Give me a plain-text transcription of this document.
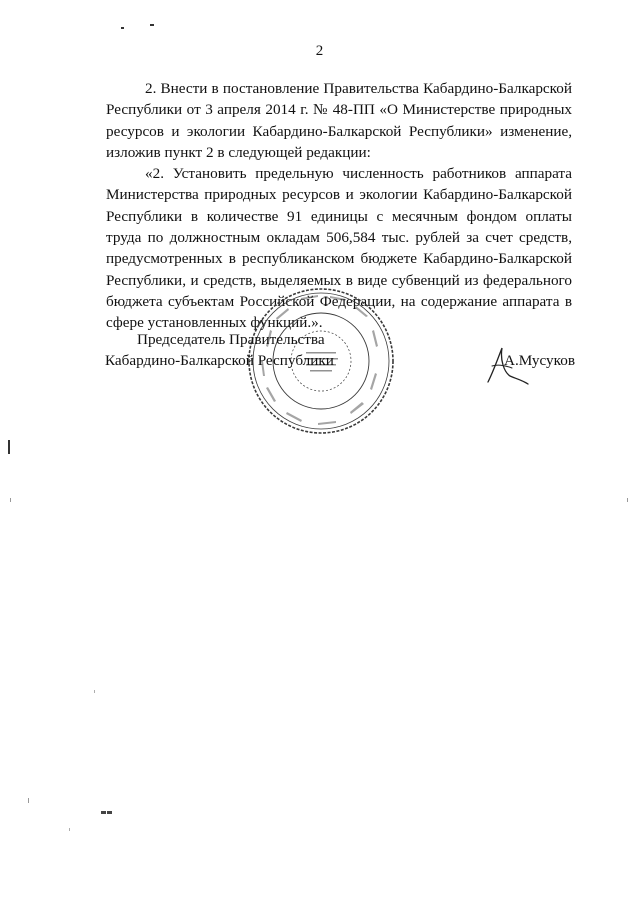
2

2. Внести в постановление Правительства Кабардино-Балкарской Республики от 3 апреля 2014 г. № 48-ПП «О Министерстве природных ресурсов и экологии Кабардино-Балкарской Республики» изменение, изложив пункт 2 в следующей редакции:

«2. Установить предельную численность работников аппарата Министерства природных ресурсов и экологии Кабардино-Балкарской Республики в количестве 91 единицы с месячным фондом оплаты труда по должностным окладам 506,584 тыс. рублей за счет средств, предусмотренных в республиканском бюджете Кабардино-Балкарской Республики, и средств, выделяемых в виде субвенций из федерального бюджета субъектам Российской Федерации, на содержание аппарата в сфере установленных функций.».

Председатель Правительства
Кабардино-Балкарской Республики	А.Мусуков
